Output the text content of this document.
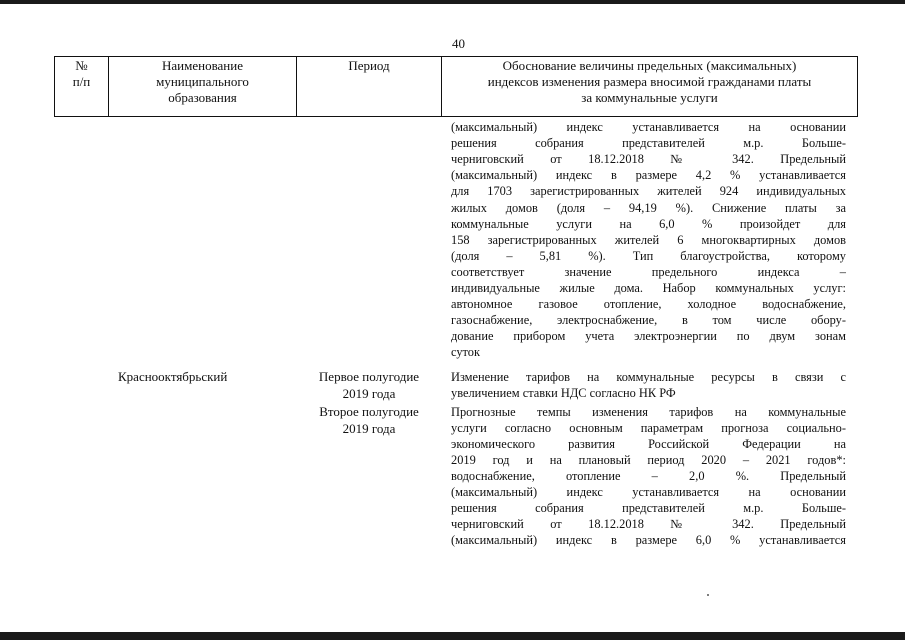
40
№
п/п
Наименование
муниципального
образования
Период	Обоснование величины предельных (максимальных)
индексов изменения размера вносимой гражданами платы
за коммунальные услуги
(максимальный) индекс устанавливается на основании
решения собрания представителей м.р. Больше-
черниговский от 18.12.2018 № 342. Предельный
(максимальный) индекс в размере 4,2 % устанавливается
для 1703 зарегистрированных жителей 924 индивидуальных
жилых домов (доля – 94,19 %). Снижение платы за
коммунальные услуги на 6,0 % произойдет для
158 зарегистрированных жителей 6 многоквартирных домов
(доля – 5,81 %). Тип благоустройства, которому
соответствует значение предельного индекса –
индивидуальные жилые дома. Набор коммунальных услуг:
автономное газовое отопление, холодное водоснабжение,
газоснабжение, электроснабжение, в том числе обору-
дование прибором учета электроэнергии по двум зонам
суток
Краснооктябрьский	Первое полугодие
2019 года
Второе полугодие
2019 года
Изменение тарифов на коммунальные ресурсы в связи с
увеличением ставки НДС согласно НК РФ
Прогнозные темпы изменения тарифов на коммунальные
услуги согласно основным параметрам прогноза социально-
экономического развития Российской Федерации на
2019 год и на плановый период 2020 – 2021 годов*:
водоснабжение, отопление – 2,0 %. Предельный
(максимальный) индекс устанавливается на основании
решения собрания представителей м.р. Больше-
черниговский от 18.12.2018 № 342. Предельный
(максимальный) индекс в размере 6,0 % устанавливается
